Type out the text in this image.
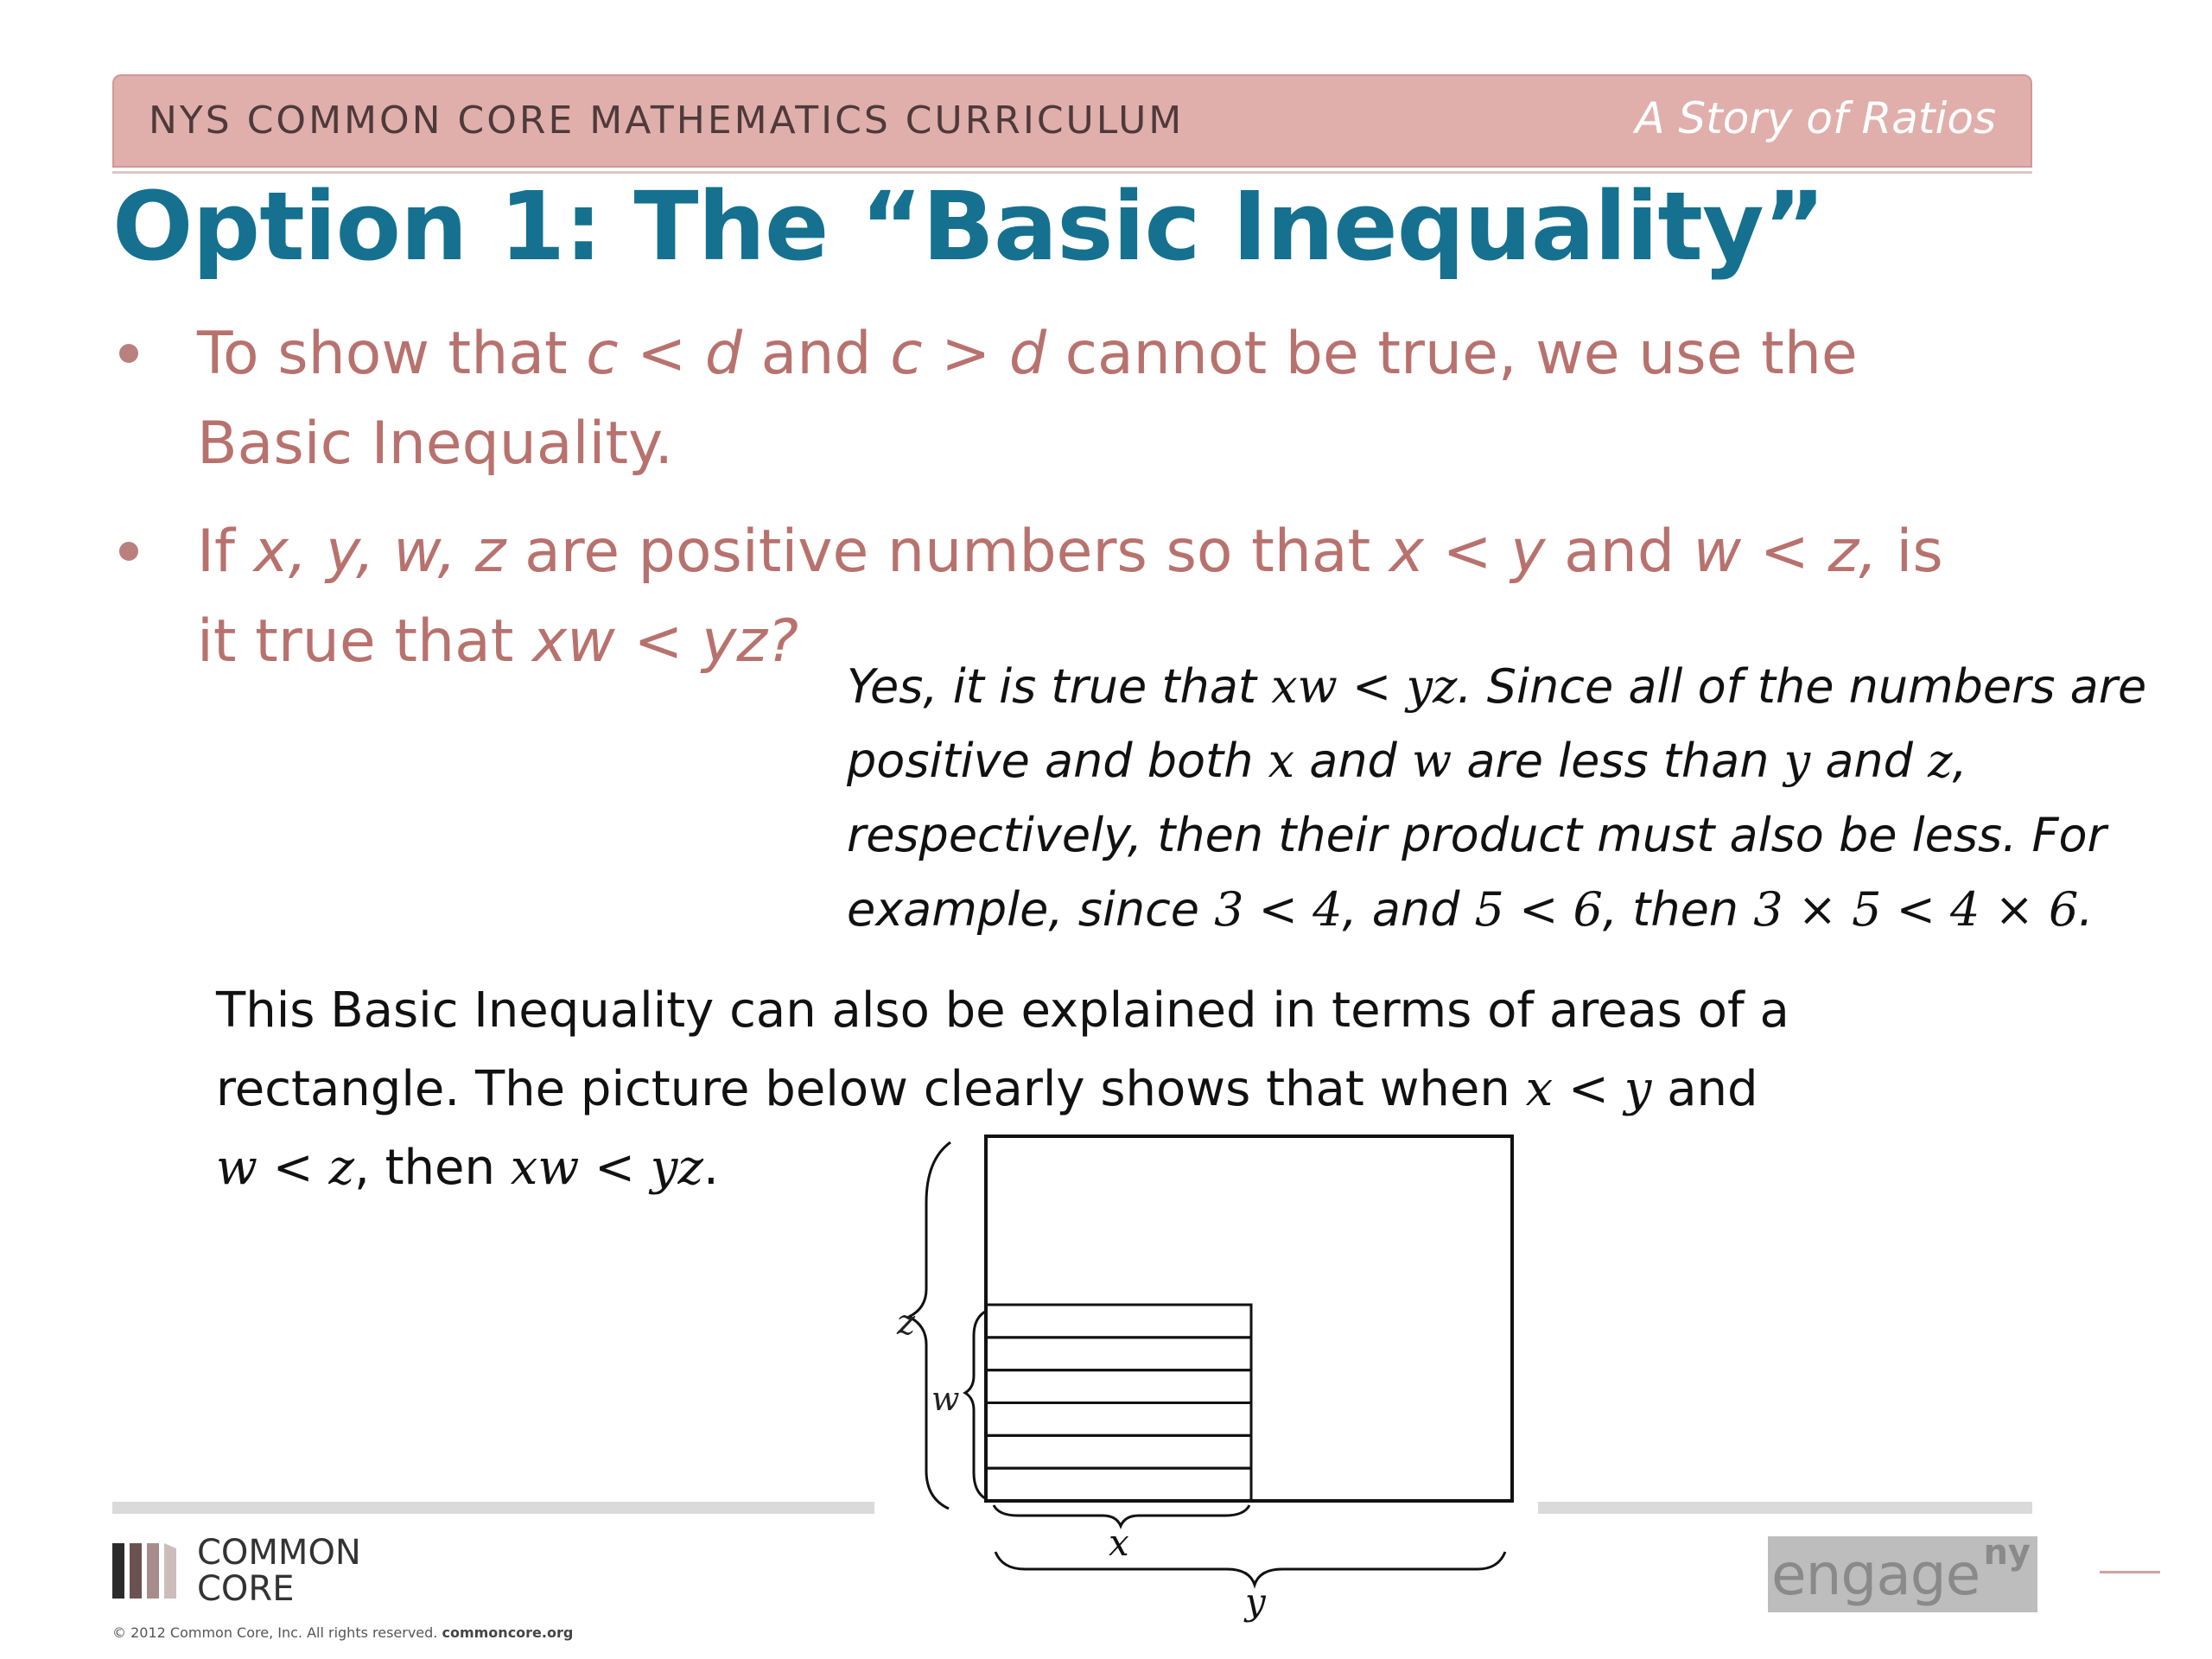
NYS COMMON CORE MATHEMATICS CURRICULUM	A Story of Ratios
Option 1: The “Basic Inequality”
To show that c < d and c > d cannot be true, we use the
Basic Inequality.
If x, y, w, z are positive numbers so that x < y and w < z, is
it true that xw < yz?
Yes, it is true that xw < yz. Since all of the numbers are
positive and both x and w are less than y and z,
respectively, then their product must also be less. For
example, since 3 < 4, and 5 < 6, then 3 × 5 < 4 × 6.
This Basic Inequality can also be explained in terms of areas of a
rectangle. The picture below clearly shows that when x < y and
w < z, then xw < yz.
z
w
x
y
COMMON
CORE
© 2012 Common Core, Inc. All rights reserved. commoncore.org
engage ny
